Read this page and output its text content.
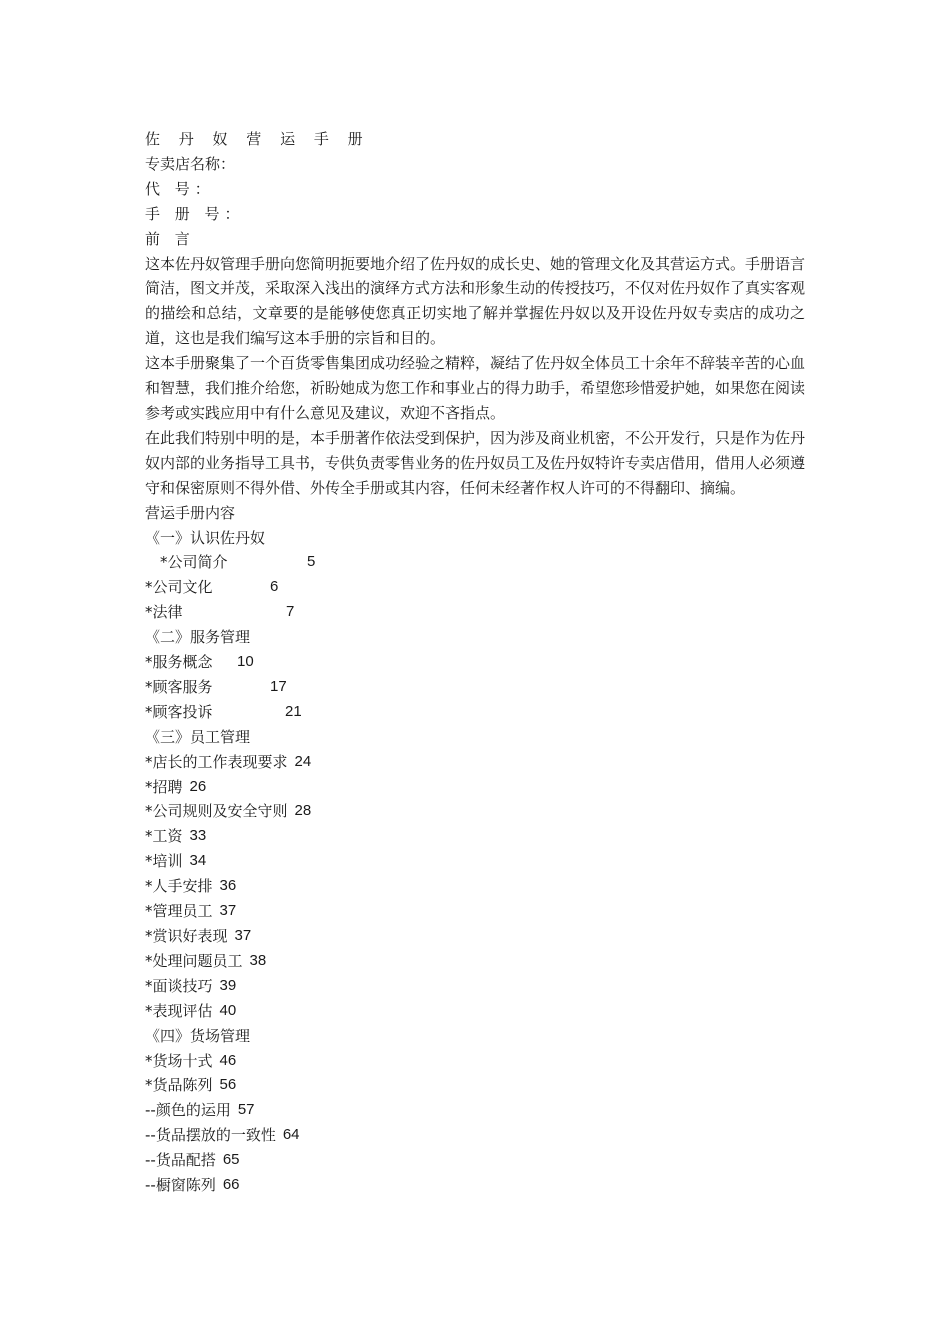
佐 丹 奴 营 运 手 册
专卖店名称：
代 号：
手 册 号：
前 言
这本佐丹奴管理手册向您简明扼要地介绍了佐丹奴的成长史、她的管理文化及其营运方式。手册语言简洁，图文并茂，采取深入浅出的演绎方式方法和形象生动的传授技巧，不仅对佐丹奴作了真实客观的描绘和总结，文章要的是能够使您真正切实地了解并掌握佐丹奴以及开设佐丹奴专卖店的成功之道，这也是我们编写这本手册的宗旨和目的。
这本手册聚集了一个百货零售集团成功经验之精粹，凝结了佐丹奴全体员工十余年不辞装辛苦的心血和智慧，我们推介给您，祈盼她成为您工作和事业占的得力助手，希望您珍惜爱护她，如果您在阅读参考或实践应用中有什么意见及建议，欢迎不吝指点。
在此我们特别中明的是，本手册著作依法受到保护，因为涉及商业机密，不公开发行，只是作为佐丹奴内部的业务指导工具书，专供负责零售业务的佐丹奴员工及佐丹奴特许专卖店借用，借用人必须遵守和保密原则不得外借、外传全手册或其内容，任何未经著作权人许可的不得翻印、摘编。
营运手册内容
《一》认识佐丹奴
*公司简介	5
*公司文化	6
*法律	7
《二》服务管理
*服务概念	10
*顾客服务	17
*顾客投诉	21
《三》员工管理
*店长的工作表现要求 24
*招聘 26
*公司规则及安全守则 28
*工资 33
*培训 34
*人手安排 36
*管理员工 37
*赏识好表现 37
*处理问题员工 38
*面谈技巧 39
*表现评估 40
《四》货场管理
*货场十式 46
*货品陈列 56
--颜色的运用 57
--货品摆放的一致性 64
--货品配搭 65
--橱窗陈列 66
